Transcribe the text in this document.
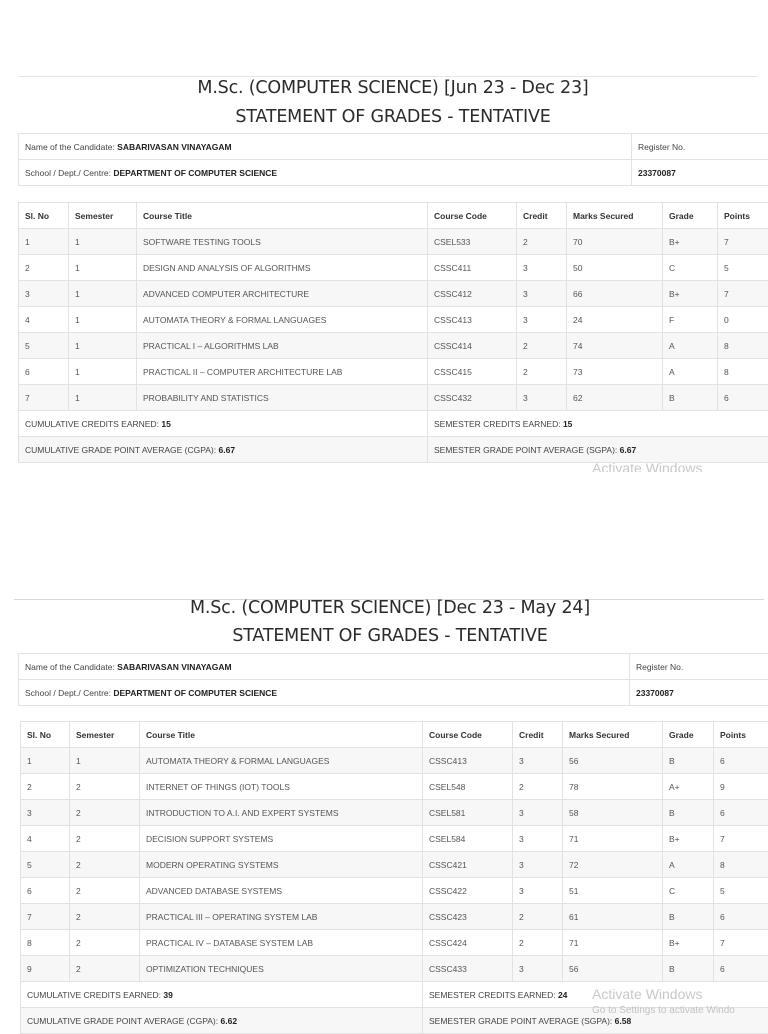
M.Sc. (COMPUTER SCIENCE) [Jun 23 - Dec 23]
STATEMENT OF GRADES - TENTATIVE
Name of the Candidate: SABARIVASAN VINAYAGAM	Register No.
School / Dept./ Centre: DEPARTMENT OF COMPUTER SCIENCE	23370087
Sl. No	Semester	Course Title	Course Code	Credit	Marks Secured	Grade	Points
1	1	SOFTWARE TESTING TOOLS	CSEL533	2	70	B+	7
2	1	DESIGN AND ANALYSIS OF ALGORITHMS	CSSC411	3	50	C	5
3	1	ADVANCED COMPUTER ARCHITECTURE	CSSC412	3	66	B+	7
4	1	AUTOMATA THEORY & FORMAL LANGUAGES	CSSC413	3	24	F	0
5	1	PRACTICAL I – ALGORITHMS LAB	CSSC414	2	74	A	8
6	1	PRACTICAL II – COMPUTER ARCHITECTURE LAB	CSSC415	2	73	A	8
7	1	PROBABILITY AND STATISTICS	CSSC432	3	62	B	6
CUMULATIVE CREDITS EARNED: 15			SEMESTER CREDITS EARNED: 15				
CUMULATIVE GRADE POINT AVERAGE (CGPA): 6.67			SEMESTER GRADE POINT AVERAGE (SGPA): 6.67				
Activate Windows
M.Sc. (COMPUTER SCIENCE) [Dec 23 - May 24]
STATEMENT OF GRADES - TENTATIVE
Name of the Candidate: SABARIVASAN VINAYAGAM	Register No.
School / Dept./ Centre: DEPARTMENT OF COMPUTER SCIENCE	23370087
Sl. No	Semester	Course Title	Course Code	Credit	Marks Secured	Grade	Points
1	1	AUTOMATA THEORY & FORMAL LANGUAGES	CSSC413	3	56	B	6
2	2	INTERNET OF THINGS (IOT) TOOLS	CSEL548	2	78	A+	9
3	2	INTRODUCTION TO A.I. AND EXPERT SYSTEMS	CSEL581	3	58	B	6
4	2	DECISION SUPPORT SYSTEMS	CSEL584	3	71	B+	7
5	2	MODERN OPERATING SYSTEMS	CSSC421	3	72	A	8
6	2	ADVANCED DATABASE SYSTEMS	CSSC422	3	51	C	5
7	2	PRACTICAL III – OPERATING SYSTEM LAB	CSSC423	2	61	B	6
8	2	PRACTICAL IV – DATABASE SYSTEM LAB	CSSC424	2	71	B+	7
9	2	OPTIMIZATION TECHNIQUES	CSSC433	3	56	B	6
CUMULATIVE CREDITS EARNED: 39			SEMESTER CREDITS EARNED: 24				
CUMULATIVE GRADE POINT AVERAGE (CGPA): 6.62			SEMESTER GRADE POINT AVERAGE (SGPA): 6.58				
Activate Windows
Go to Settings to activate Windo
